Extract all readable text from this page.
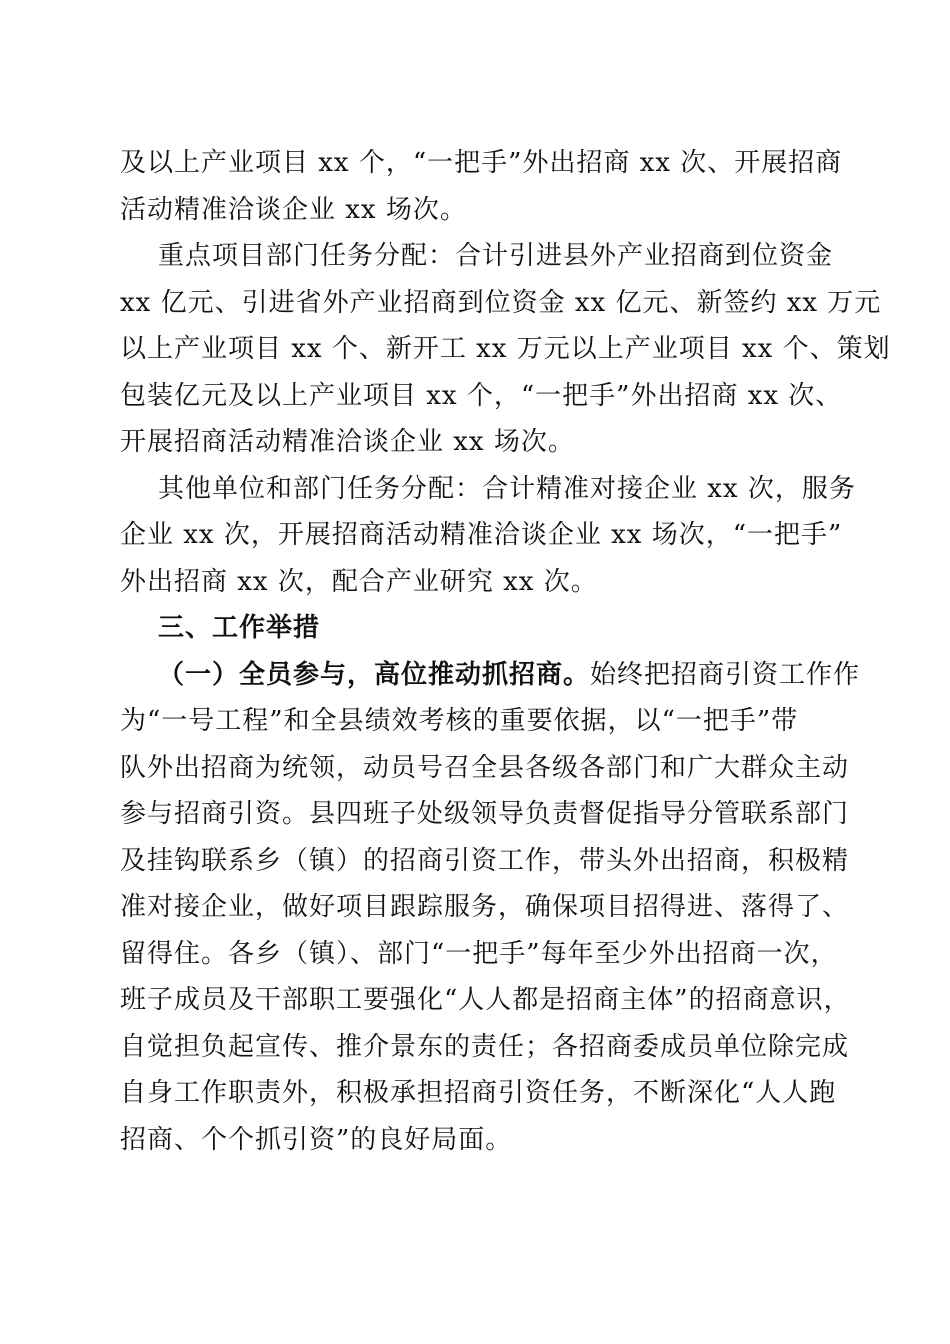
及以上产业项目 xx 个，“一把手”外出招商 xx 次、开展招商
活动精准洽谈企业 xx 场次。
重点项目部门任务分配：合计引进县外产业招商到位资金
xx 亿元、引进省外产业招商到位资金 xx 亿元、新签约 xx 万元
以上产业项目 xx 个、新开工 xx 万元以上产业项目 xx 个、策划
包装亿元及以上产业项目 xx 个，“一把手”外出招商 xx 次、
开展招商活动精准洽谈企业 xx 场次。
其他单位和部门任务分配：合计精准对接企业 xx 次，服务
企业 xx 次，开展招商活动精准洽谈企业 xx 场次，“一把手”
外出招商 xx 次，配合产业研究 xx 次。
三、工作举措
（一）全员参与，高位推动抓招商。始终把招商引资工作作
为“一号工程”和全县绩效考核的重要依据，以“一把手”带
队外出招商为统领，动员号召全县各级各部门和广大群众主动
参与招商引资。县四班子处级领导负责督促指导分管联系部门
及挂钩联系乡（镇）的招商引资工作，带头外出招商，积极精
准对接企业，做好项目跟踪服务，确保项目招得进、落得了、
留得住。各乡（镇）、部门“一把手”每年至少外出招商一次，
班子成员及干部职工要强化“人人都是招商主体”的招商意识，
自觉担负起宣传、推介景东的责任；各招商委成员单位除完成
自身工作职责外，积极承担招商引资任务，不断深化“人人跑
招商、个个抓引资”的良好局面。
